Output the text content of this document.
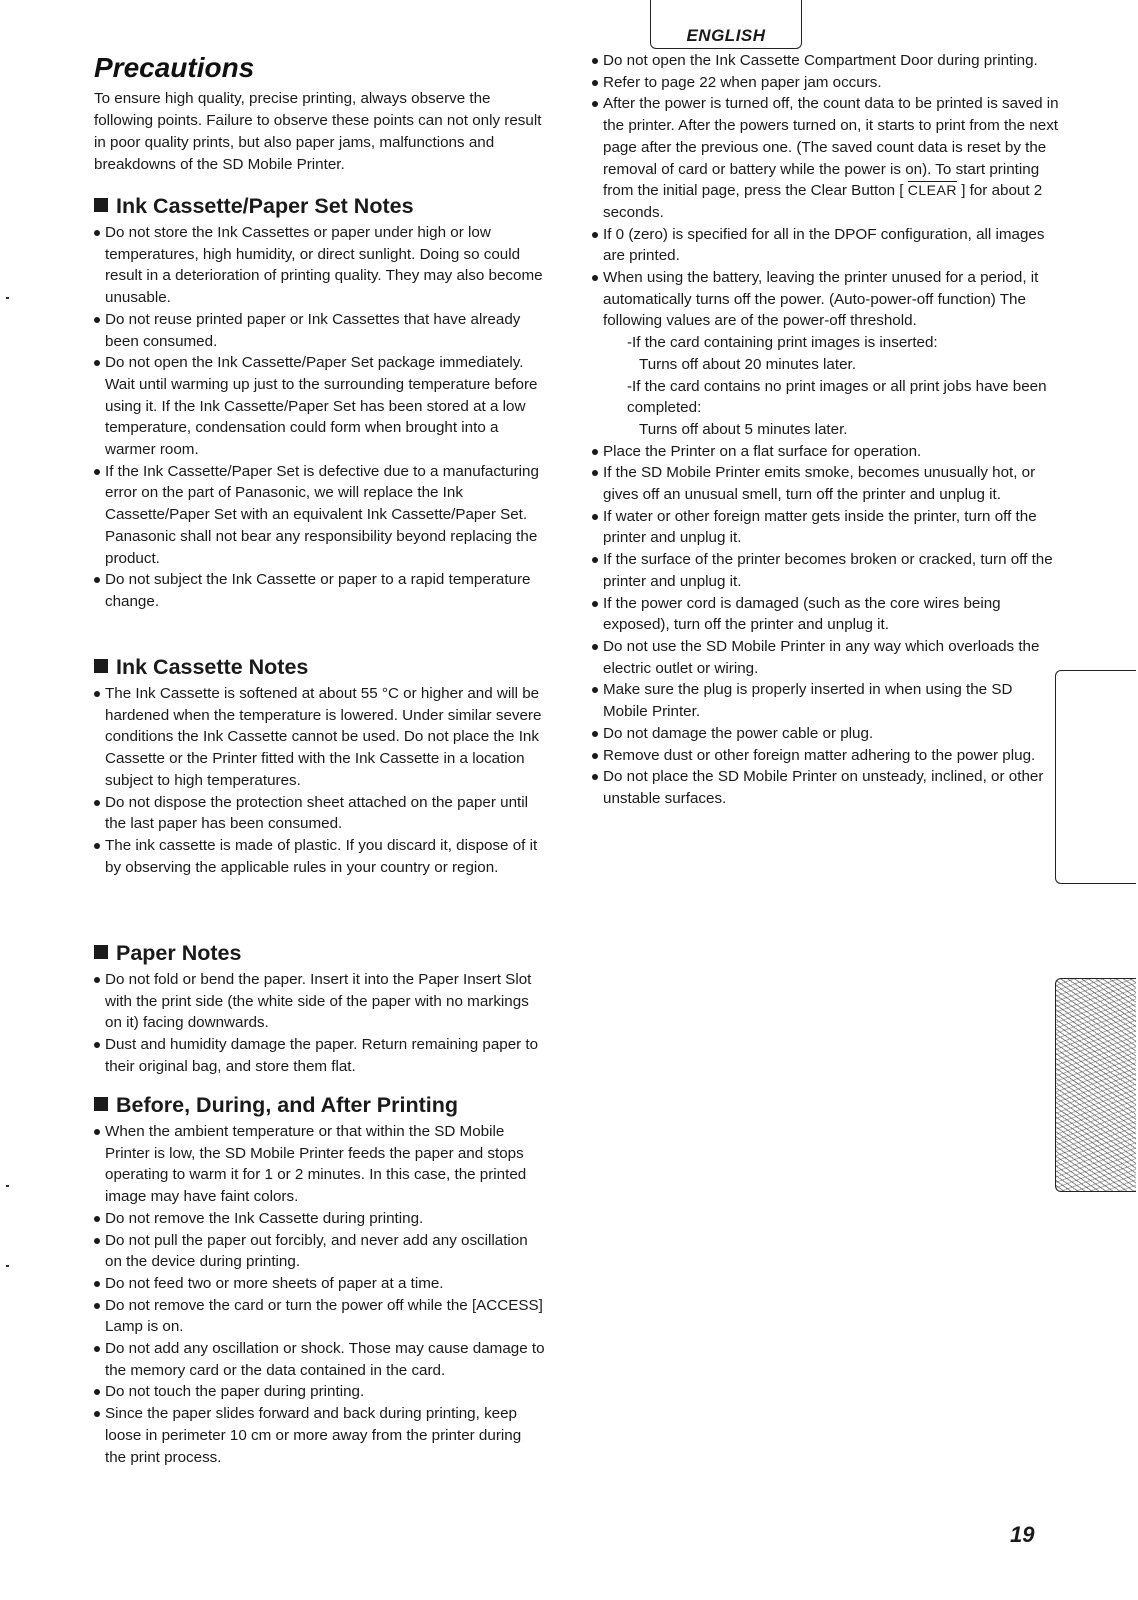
ENGLISH
Precautions

To ensure high quality, precise printing, always observe the following points. Failure to observe these points can not only result in poor quality prints, but also paper jams, malfunctions and breakdowns of the SD Mobile Printer.

Ink Cassette/Paper Set Notes
Do not store the Ink Cassettes or paper under high or low temperatures, high humidity, or direct sunlight. Doing so could result in a deterioration of printing quality. They may also become unusable.
Do not reuse printed paper or Ink Cassettes that have already been consumed.
Do not open the Ink Cassette/Paper Set package immediately. Wait until warming up just to the surrounding temperature before using it. If the Ink Cassette/Paper Set has been stored at a low temperature, condensation could form when brought into a warmer room.
If the Ink Cassette/Paper Set is defective due to a manufacturing error on the part of Panasonic, we will replace the Ink Cassette/Paper Set with an equivalent Ink Cassette/Paper Set. Panasonic shall not bear any responsibility beyond replacing the product.
Do not subject the Ink Cassette or paper to a rapid temperature change.
Ink Cassette Notes
The Ink Cassette is softened at about 55 °C or higher and will be hardened when the temperature is lowered. Under similar severe conditions the Ink Cassette cannot be used. Do not place the Ink Cassette or the Printer fitted with the Ink Cassette in a location subject to high temperatures.
Do not dispose the protection sheet attached on the paper until the last paper has been consumed.
The ink cassette is made of plastic. If you discard it, dispose of it by observing the applicable rules in your country or region.
Paper Notes
Do not fold or bend the paper. Insert it into the Paper Insert Slot with the print side (the white side of the paper with no markings on it) facing downwards.
Dust and humidity damage the paper. Return remaining paper to their original bag, and store them flat.
Before, During, and After Printing
When the ambient temperature or that within the SD Mobile Printer is low, the SD Mobile Printer feeds the paper and stops operating to warm it for 1 or 2 minutes. In this case, the printed image may have faint colors.
Do not remove the Ink Cassette during printing.
Do not pull the paper out forcibly, and never add any oscillation on the device during printing.
Do not feed two or more sheets of paper at a time.
Do not remove the card or turn the power off while the [ACCESS] Lamp is on.
Do not add any oscillation or shock. Those may cause damage to the memory card or the data contained in the card.
Do not touch the paper during printing.
Since the paper slides forward and back during printing, keep loose in perimeter 10 cm or more away from the printer during the print process.
Do not open the Ink Cassette Compartment Door during printing.
Refer to page 22 when paper jam occurs.
After the power is turned off, the count data to be printed is saved in the printer. After the powers turned on, it starts to print from the next page after the previous one. (The saved count data is reset by the removal of card or battery while the power is on). To start printing from the initial page, press the Clear Button [ CLEAR ] for about 2 seconds.
If 0 (zero) is specified for all in the DPOF configuration, all images are printed.
When using the battery, leaving the printer unused for a period, it automatically turns off the power. (Auto-power-off function) The following values are of the power-off threshold.
-If the card containing print images is inserted:
Turns off about 20 minutes later.
-If the card contains no print images or all print jobs have been completed:
Turns off about 5 minutes later.
Place the Printer on a flat surface for operation.
If the SD Mobile Printer emits smoke, becomes unusually hot, or gives off an unusual smell, turn off the printer and unplug it.
If water or other foreign matter gets inside the printer, turn off the printer and unplug it.
If the surface of the printer becomes broken or cracked, turn off the printer and unplug it.
If the power cord is damaged (such as the core wires being exposed), turn off the printer and unplug it.
Do not use the SD Mobile Printer in any way which overloads the electric outlet or wiring.
Make sure the plug is properly inserted in when using the SD Mobile Printer.
Do not damage the power cable or plug.
Remove dust or other foreign matter adhering to the power plug.
Do not place the SD Mobile Printer on unsteady, inclined, or other unstable surfaces.
19
